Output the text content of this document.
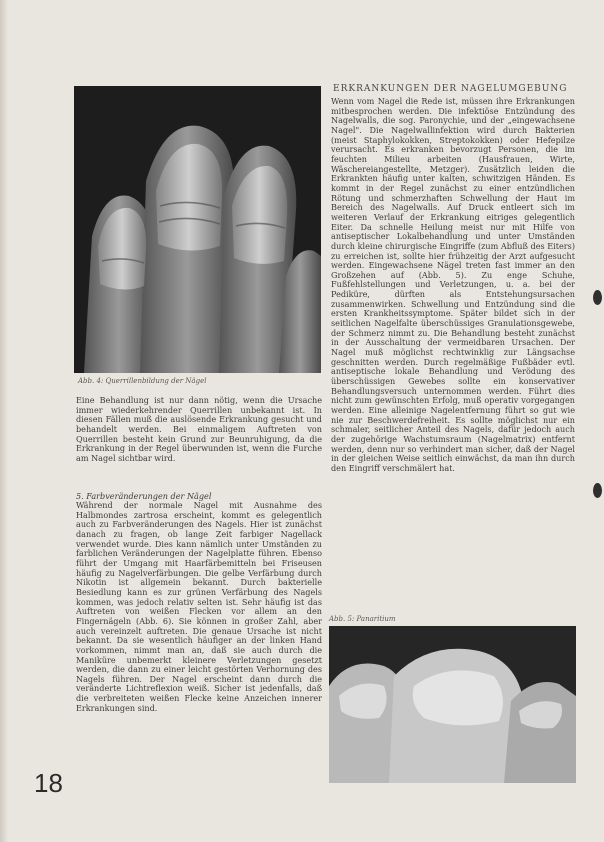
Abb. 4: Querrillenbildung der Nägel

Eine Behandlung ist nur dann nötig, wenn die Ursache immer wiederkehrender Querrillen unbekannt ist. In diesen Fällen muß die auslösende Erkrankung gesucht und behandelt werden. Bei einmaligem Auftreten von Querrillen besteht kein Grund zur Beunruhigung, da die Erkrankung in der Regel überwunden ist, wenn die Furche am Nagel sichtbar wird.

5. Farbveränderungen der Nägel

Während der normale Nagel mit Ausnahme des Halbmondes zartrosa erscheint, kommt es gelegentlich auch zu Farbveränderungen des Nagels. Hier ist zunächst danach zu fragen, ob lange Zeit farbiger Nagellack verwendet wurde. Dies kann nämlich unter Umständen zu farblichen Veränderungen der Nagelplatte führen. Ebenso führt der Umgang mit Haarfärbemitteln bei Friseusen häufig zu Nagelverfärbungen. Die gelbe Verfärbung durch Nikotin ist allgemein bekannt. Durch bakterielle Besiedlung kann es zur grünen Verfärbung des Nagels kommen, was jedoch relativ selten ist. Sehr häufig ist das Auftreten von weißen Flecken vor allem an den Fingernägeln (Abb. 6). Sie können in großer Zahl, aber auch vereinzelt auftreten. Die genaue Ursache ist nicht bekannt. Da sie wesentlich häufiger an der linken Hand vorkommen, nimmt man an, daß sie auch durch die Maniküre unbemerkt kleinere Verletzungen gesetzt werden, die dann zu einer leicht gestörten Verhornung des Nagels führen. Der Nagel erscheint dann durch die veränderte Lichtreflexion weiß. Sicher ist jedenfalls, daß die verbreiteten weißen Flecke keine Anzeichen innerer Erkrankungen sind.

ERKRANKUNGEN DER NAGELUMGEBUNG

Wenn vom Nagel die Rede ist, müssen ihre Erkrankungen mitbesprochen werden. Die infektiöse Entzündung des Nagelwalls, die sog. Paronychie, und der „eingewachsene Nagel". Die Nagelwallinfektion wird durch Bakterien (meist Staphylokokken, Streptokokken) oder Hefepilze verursacht. Es erkranken bevorzugt Personen, die im feuchten Milieu arbeiten (Hausfrauen, Wirte, Wäschereiangestellte, Metzger). Zusätzlich leiden die Erkrankten häufig unter kalten, schwitzigen Händen. Es kommt in der Regel zunächst zu einer entzündlichen Rötung und schmerzhaften Schwellung der Haut im Bereich des Nagelwalls. Auf Druck entleert sich im weiteren Verlauf der Erkrankung eitriges gelegentlich Eiter. Da schnelle Heilung meist nur mit Hilfe von antiseptischer Lokalbehandlung und unter Umständen durch kleine chirurgische Eingriffe (zum Abfluß des Eiters) zu erreichen ist, sollte hier frühzeitig der Arzt aufgesucht werden. Eingewachsene Nägel treten fast immer an den Großzehen auf (Abb. 5). Zu enge Schuhe, Fußfehlstellungen und Verletzungen, u. a. bei der Pediküre, dürften als Entstehungsursachen zusammenwirken. Schwellung und Entzündung sind die ersten Krankheitssymptome. Später bildet sich in der seitlichen Nagelfalte überschüssiges Granulationsgewebe, der Schmerz nimmt zu. Die Behandlung besteht zunächst in der Ausschaltung der vermeidbaren Ursachen. Der Nagel muß möglichst rechtwinklig zur Längsachse geschnitten werden. Durch regelmäßige Fußbäder evtl. antiseptische lokale Behandlung und Verödung des überschüssigen Gewebes sollte ein konservativer Behandlungsversuch unternommen werden. Führt dies nicht zum gewünschten Erfolg, muß operativ vorgegangen werden. Eine alleinige Nagelentfernung führt so gut wie nie zur Beschwerdefreiheit. Es sollte möglichst nur ein schmaler, seitlicher Anteil des Nagels, dafür jedoch auch der zugehörige Wachstumsraum (Nagelmatrix) entfernt werden, denn nur so verhindert man sicher, daß der Nagel in der gleichen Weise seitlich einwächst, da man ihn durch den Eingriff verschmälert hat.

Abb. 5: Panaritium
18
